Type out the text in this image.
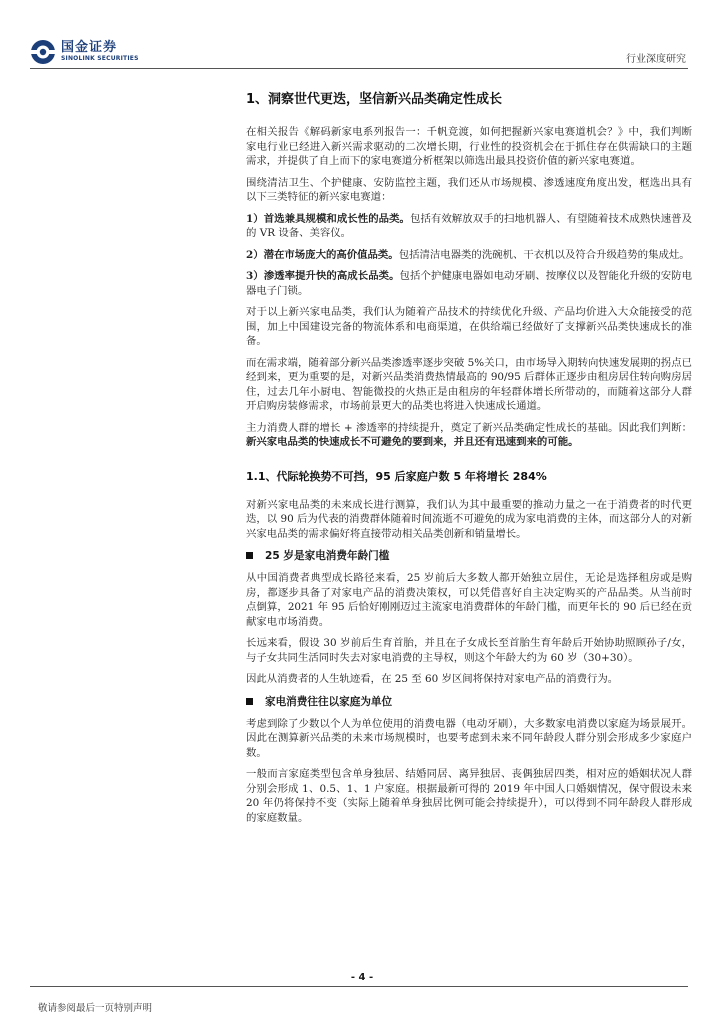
国金证券
SINOLINK SECURITIES	行业深度研究
1、洞察世代更迭，坚信新兴品类确定性成长

在相关报告《解码新家电系列报告一：千帆竞渡，如何把握新兴家电赛道机会？》中，我们判断家电行业已经进入新兴需求驱动的二次增长期，行业性的投资机会在于抓住存在供需缺口的主题需求，并提供了自上而下的家电赛道分析框架以筛选出最具投资价值的新兴家电赛道。

围绕清洁卫生、个护健康、安防监控主题，我们还从市场规模、渗透速度角度出发，框选出具有以下三类特征的新兴家电赛道：

1）首选兼具规模和成长性的品类。包括有效解放双手的扫地机器人、有望随着技术成熟快速普及的 VR 设备、美容仪。

2）潜在市场庞大的高价值品类。包括清洁电器类的洗碗机、干衣机以及符合升级趋势的集成灶。

3）渗透率提升快的高成长品类。包括个护健康电器如电动牙刷、按摩仪以及智能化升级的安防电器电子门锁。

对于以上新兴家电品类，我们认为随着产品技术的持续优化升级、产品均价进入大众能接受的范围，加上中国建设完备的物流体系和电商渠道，在供给端已经做好了支撑新兴品类快速成长的准备。

而在需求端，随着部分新兴品类渗透率逐步突破 5%关口，由市场导入期转向快速发展期的拐点已经到来，更为重要的是，对新兴品类消费热情最高的 90/95 后群体正逐步由租房居住转向购房居住，过去几年小厨电、智能微投的火热正是由租房的年轻群体增长所带动的，而随着这部分人群开启购房装修需求，市场前景更大的品类也将进入快速成长通道。

主力消费人群的增长 + 渗透率的持续提升，奠定了新兴品类确定性成长的基础。因此我们判断：新兴家电品类的快速成长不可避免的要到来，并且还有迅速到来的可能。

1.1、代际轮换势不可挡，95 后家庭户数 5 年将增长 284%

对新兴家电品类的未来成长进行测算，我们认为其中最重要的推动力量之一在于消费者的时代更迭，以 90 后为代表的消费群体随着时间流逝不可避免的成为家电消费的主体，而这部分人的对新兴家电品类的需求偏好将直接带动相关品类创新和销量增长。

25 岁是家电消费年龄门槛

从中国消费者典型成长路径来看，25 岁前后大多数人都开始独立居住，无论是选择租房或是购房，都逐步具备了对家电产品的消费决策权，可以凭借喜好自主决定购买的产品品类。从当前时点倒算，2021 年 95 后恰好刚刚迈过主流家电消费群体的年龄门槛，而更年长的 90 后已经在贡献家电市场消费。

长远来看，假设 30 岁前后生育首胎，并且在子女成长至首胎生育年龄后开始协助照顾孙子/女，与子女共同生活同时失去对家电消费的主导权，则这个年龄大约为 60 岁（30+30）。

因此从消费者的人生轨迹看，在 25 至 60 岁区间将保持对家电产品的消费行为。

家电消费往往以家庭为单位

考虑到除了少数以个人为单位使用的消费电器（电动牙刷），大多数家电消费以家庭为场景展开。因此在测算新兴品类的未来市场规模时，也要考虑到未来不同年龄段人群分别会形成多少家庭户数。

一般而言家庭类型包含单身独居、结婚同居、离异独居、丧偶独居四类，相对应的婚姻状况人群分别会形成 1、0.5、1、1 户家庭。根据最新可得的 2019 年中国人口婚姻情况，保守假设未来 20 年仍将保持不变（实际上随着单身独居比例可能会持续提升），可以得到不同年龄段人群形成的家庭数量。

- 4 -
敬请参阅最后一页特别声明
